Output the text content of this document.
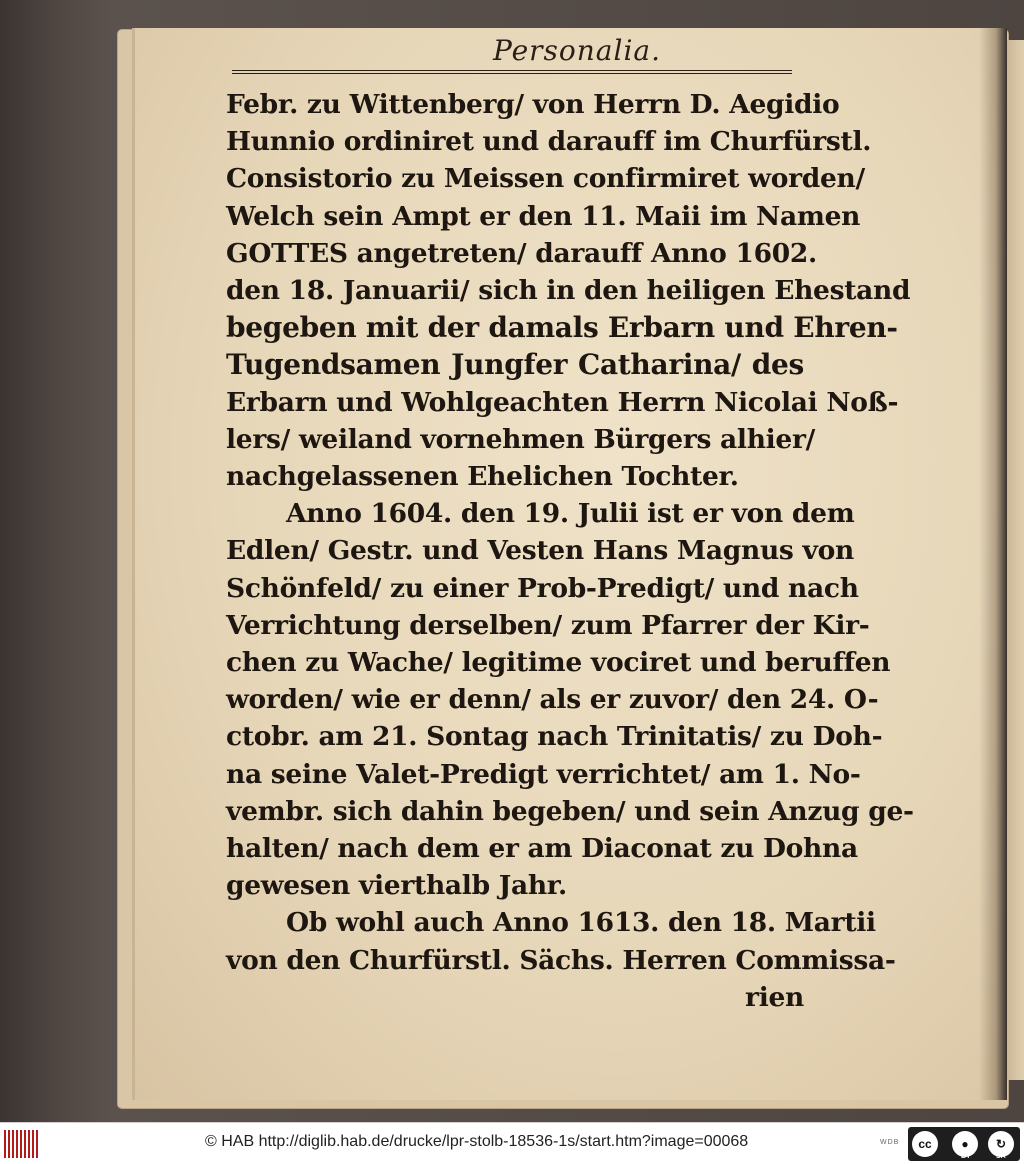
Personalia.
Febr. zu Wittenberg/ von Herrn D. Aegidio
Hunnio ordiniret und darauff im Churfürstl.
Consistorio zu Meissen confirmiret worden/
Welch sein Ampt er den 11. Maii im Namen
GOTTES angetreten/ darauff Anno 1602.
den 18. Januarii/ sich in den heiligen Ehestand
begeben mit der damals Erbarn und Ehren-
Tugendsamen Jungfer Catharina/ des
Erbarn und Wohlgeachten Herrn Nicolai Noß-
lers/ weiland vornehmen Bürgers alhier/
nachgelassenen Ehelichen Tochter.
Anno 1604. den 19. Julii ist er von dem
Edlen/ Gestr. und Vesten Hans Magnus von
Schönfeld/ zu einer Prob-Predigt/ und nach
Verrichtung derselben/ zum Pfarrer der Kir-
chen zu Wache/ legitime vociret und beruffen
worden/ wie er denn/ als er zuvor/ den 24. O-
ctobr. am 21. Sontag nach Trinitatis/ zu Doh-
na seine Valet-Predigt verrichtet/ am 1. No-
vembr. sich dahin begeben/ und sein Anzug ge-
halten/ nach dem er am Diaconat zu Dohna
gewesen vierthalb Jahr.
Ob wohl auch Anno 1613. den 18. Martii
von den Churfürstl. Sächs. Herren Commissa-
rien
© HAB http://diglib.hab.de/drucke/lpr-stolb-18536-1s/start.htm?image=00068	WDB	cc	●	↻
BY	SA
